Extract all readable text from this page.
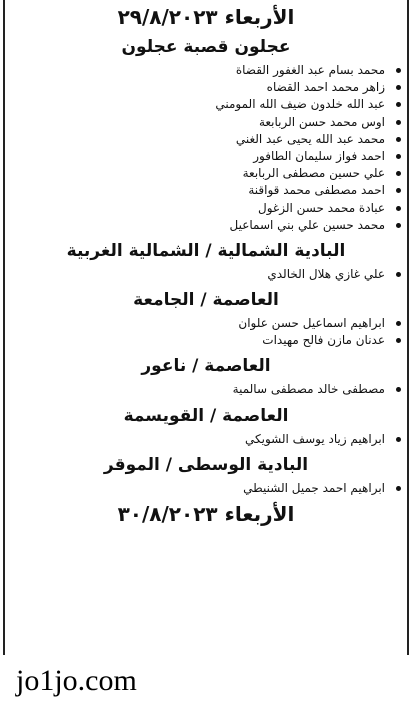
الأربعاء ٢٩/٨/٢٠٢٣
عجلون قصبة عجلون
محمد بسام عبد الغفور القضاة
زاهر محمد احمد القضاه
عبد الله خلدون ضيف الله المومني
اوس محمد حسن الربابعة
محمد عبد الله يحيى عبد الغني
احمد فواز سليمان الطافور
علي حسين مصطفى الربابعة
احمد مصطفى محمد قواقنة
عبادة محمد حسن الزغول
محمد حسين علي بني اسماعيل
البادية الشمالية / الشمالية الغربية
علي غازي هلال الخالدي
العاصمة / الجامعة
ابراهيم اسماعيل حسن علوان
عدنان مازن فالح مهيدات
العاصمة / ناعور
مصطفى خالد مصطفى سالمية
العاصمة / القويسمة
ابراهيم زياد يوسف الشويكي
البادية الوسطى / الموقر
ابراهيم احمد جميل الشنيطي
الأربعاء ٣٠/٨/٢٠٢٣
jo1jo.com
